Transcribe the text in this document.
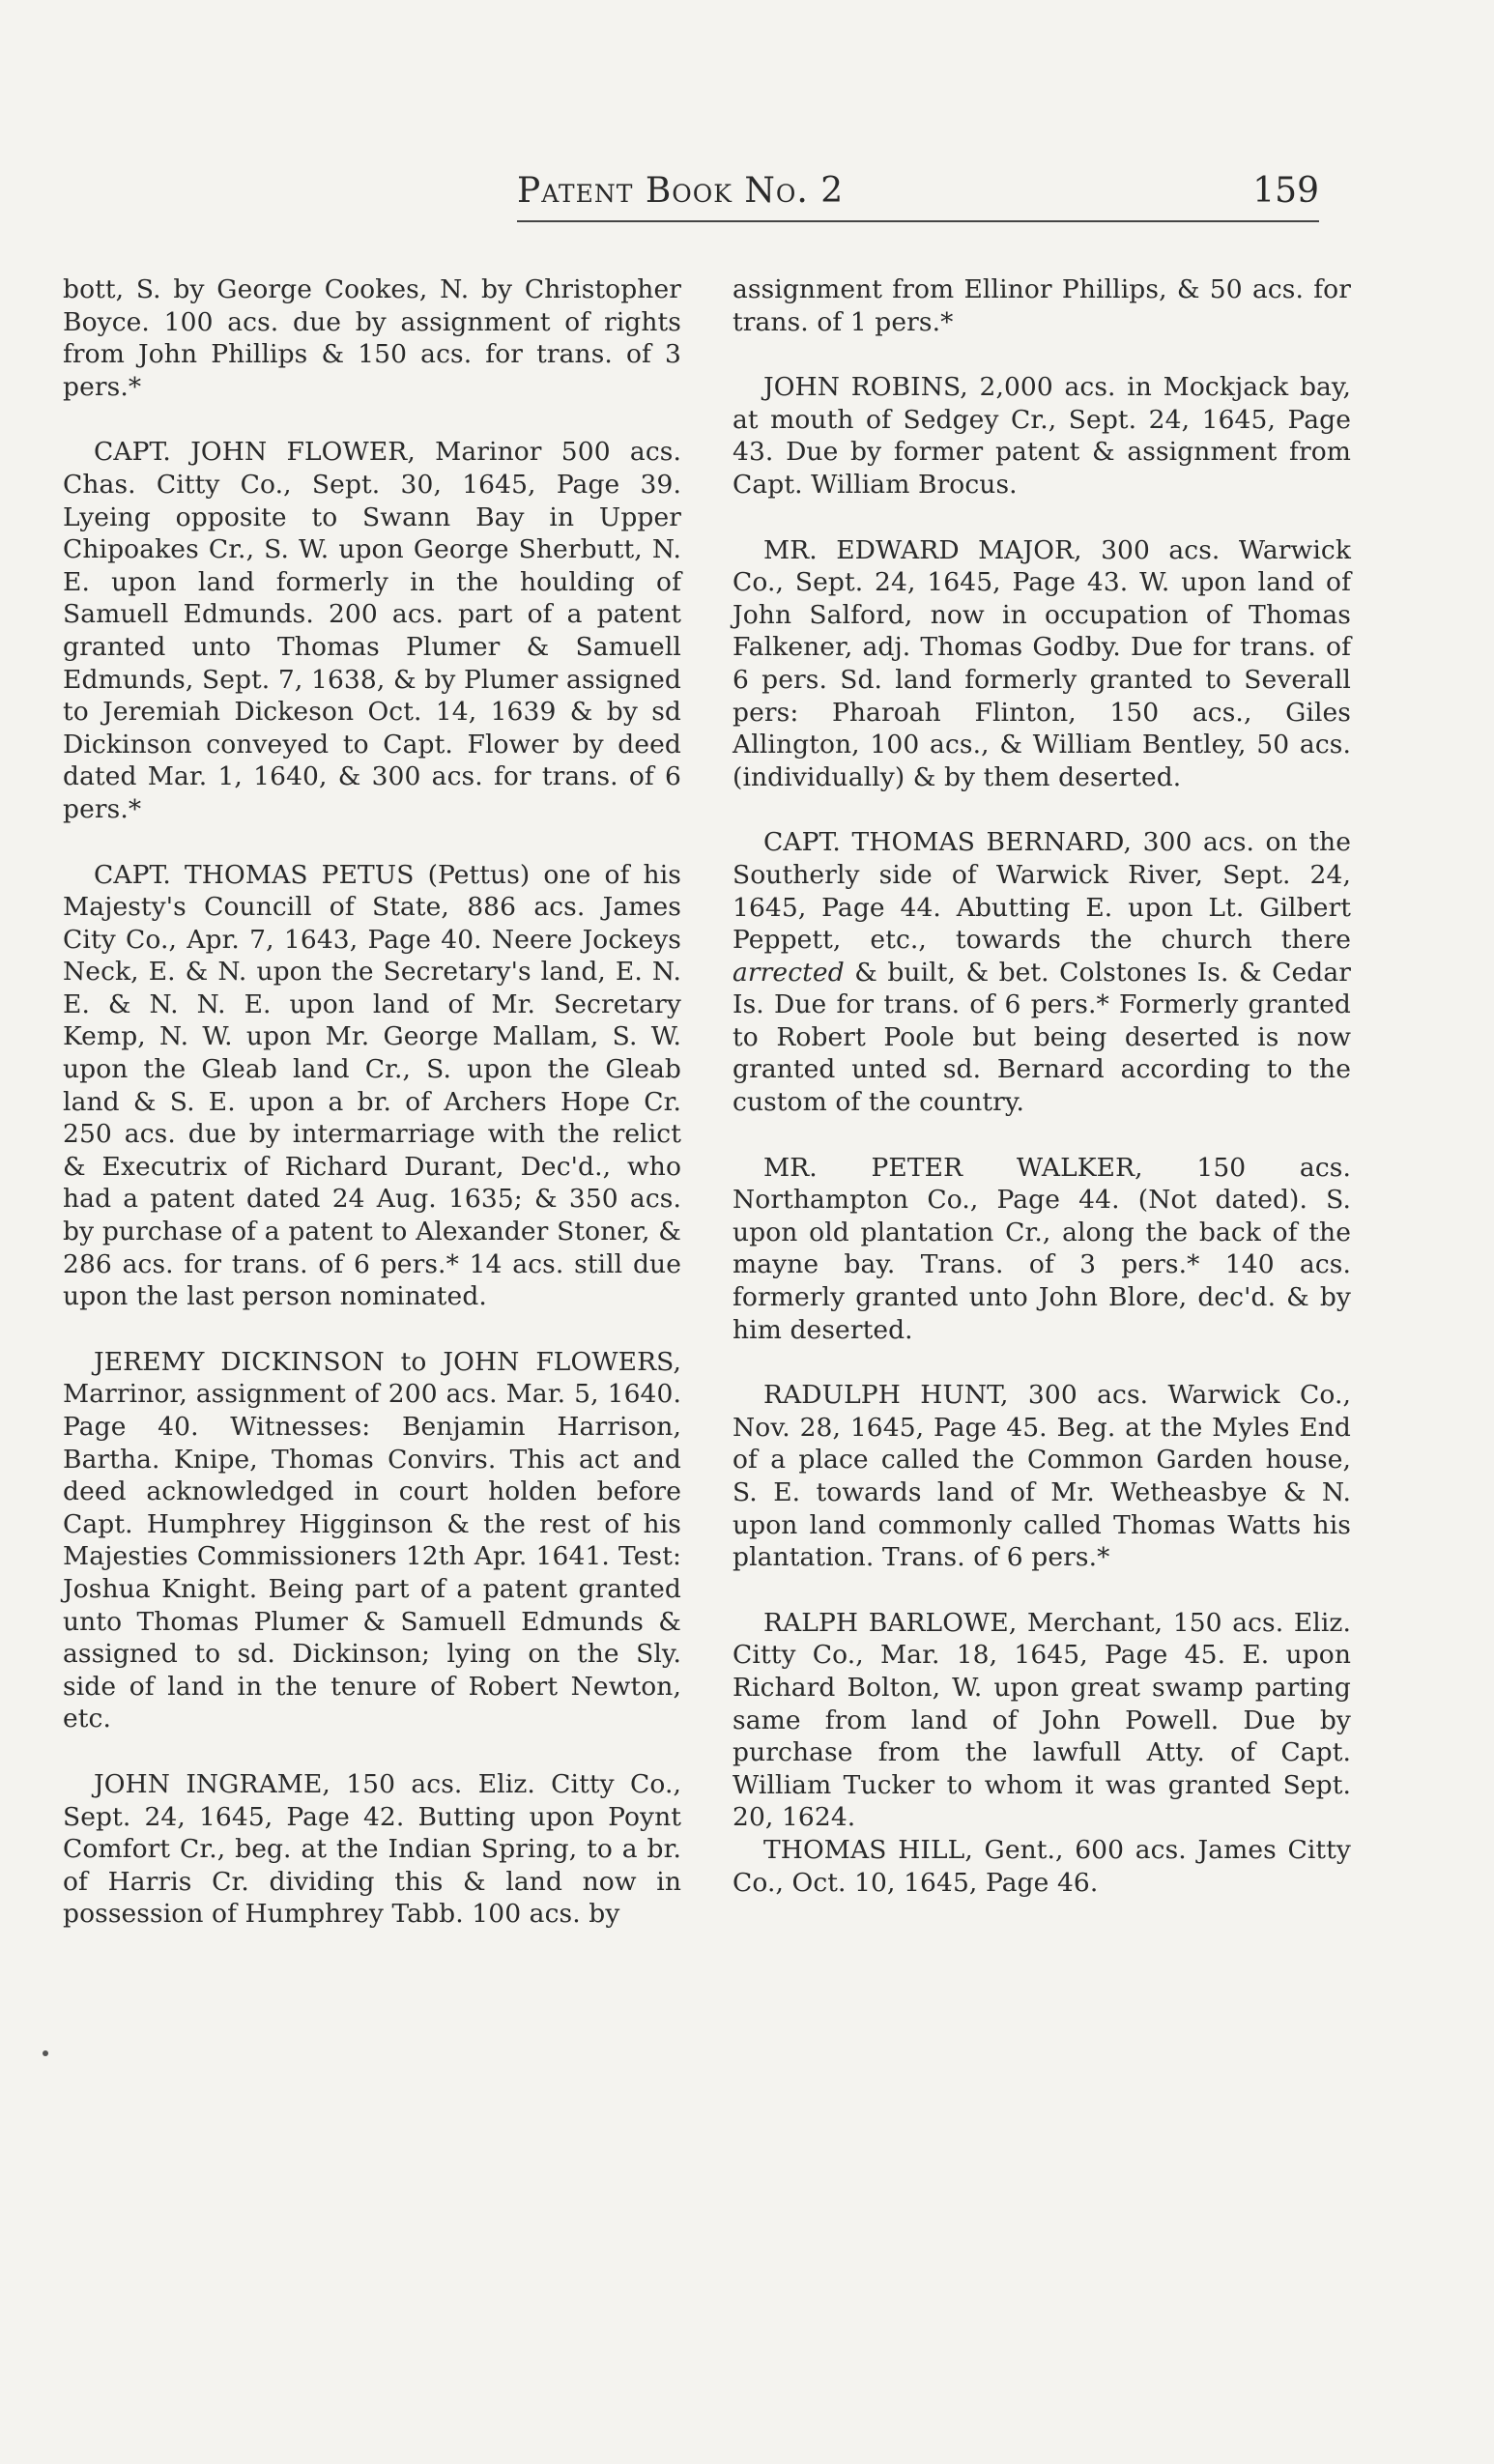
Patent Book No. 2	159

bott, S. by George Cookes, N. by Christopher Boyce. 100 acs. due by assignment of rights from John Phillips & 150 acs. for trans. of 3 pers.*

CAPT. JOHN FLOWER, Marinor 500 acs. Chas. Citty Co., Sept. 30, 1645, Page 39. Lyeing opposite to Swann Bay in Upper Chipoakes Cr., S. W. upon George Sherbutt, N. E. upon land formerly in the houlding of Samuell Edmunds. 200 acs. part of a patent granted unto Thomas Plumer & Samuell Edmunds, Sept. 7, 1638, & by Plumer assigned to Jeremiah Dickeson Oct. 14, 1639 & by sd Dickinson conveyed to Capt. Flower by deed dated Mar. 1, 1640, & 300 acs. for trans. of 6 pers.*

CAPT. THOMAS PETUS (Pettus) one of his Majesty's Councill of State, 886 acs. James City Co., Apr. 7, 1643, Page 40. Neere Jockeys Neck, E. & N. upon the Secretary's land, E. N. E. & N. N. E. upon land of Mr. Secretary Kemp, N. W. upon Mr. George Mallam, S. W. upon the Gleab land Cr., S. upon the Gleab land & S. E. upon a br. of Archers Hope Cr. 250 acs. due by intermarriage with the relict & Executrix of Richard Durant, Dec'd., who had a patent dated 24 Aug. 1635; & 350 acs. by purchase of a patent to Alexander Stoner, & 286 acs. for trans. of 6 pers.* 14 acs. still due upon the last person nominated.

JEREMY DICKINSON to JOHN FLOWERS, Marrinor, assignment of 200 acs. Mar. 5, 1640. Page 40. Witnesses: Benjamin Harrison, Bartha. Knipe, Thomas Convirs. This act and deed acknowledged in court holden before Capt. Humphrey Higginson & the rest of his Majesties Commissioners 12th Apr. 1641. Test: Joshua Knight. Being part of a patent granted unto Thomas Plumer & Samuell Edmunds & assigned to sd. Dickinson; lying on the Sly. side of land in the tenure of Robert Newton, etc.

JOHN INGRAME, 150 acs. Eliz. Citty Co., Sept. 24, 1645, Page 42. Butting upon Poynt Comfort Cr., beg. at the Indian Spring, to a br. of Harris Cr. dividing this & land now in possession of Humphrey Tabb. 100 acs. by

assignment from Ellinor Phillips, & 50 acs. for trans. of 1 pers.*

JOHN ROBINS, 2,000 acs. in Mockjack bay, at mouth of Sedgey Cr., Sept. 24, 1645, Page 43. Due by former patent & assignment from Capt. William Brocus.

MR. EDWARD MAJOR, 300 acs. Warwick Co., Sept. 24, 1645, Page 43. W. upon land of John Salford, now in occupation of Thomas Falkener, adj. Thomas Godby. Due for trans. of 6 pers. Sd. land formerly granted to Severall pers: Pharoah Flinton, 150 acs., Giles Allington, 100 acs., & William Bentley, 50 acs. (individually) & by them deserted.

CAPT. THOMAS BERNARD, 300 acs. on the Southerly side of Warwick River, Sept. 24, 1645, Page 44. Abutting E. upon Lt. Gilbert Peppett, etc., towards the church there arrected & built, & bet. Colstones Is. & Cedar Is. Due for trans. of 6 pers.* Formerly granted to Robert Poole but being deserted is now granted unted sd. Bernard according to the custom of the country.

MR. PETER WALKER, 150 acs. Northampton Co., Page 44. (Not dated). S. upon old plantation Cr., along the back of the mayne bay. Trans. of 3 pers.* 140 acs. formerly granted unto John Blore, dec'd. & by him deserted.

RADULPH HUNT, 300 acs. Warwick Co., Nov. 28, 1645, Page 45. Beg. at the Myles End of a place called the Common Garden house, S. E. towards land of Mr. Wetheasbye & N. upon land commonly called Thomas Watts his plantation. Trans. of 6 pers.*

RALPH BARLOWE, Merchant, 150 acs. Eliz. Citty Co., Mar. 18, 1645, Page 45. E. upon Richard Bolton, W. upon great swamp parting same from land of John Powell. Due by purchase from the lawfull Atty. of Capt. William Tucker to whom it was granted Sept. 20, 1624.

THOMAS HILL, Gent., 600 acs. James Citty Co., Oct. 10, 1645, Page 46.
